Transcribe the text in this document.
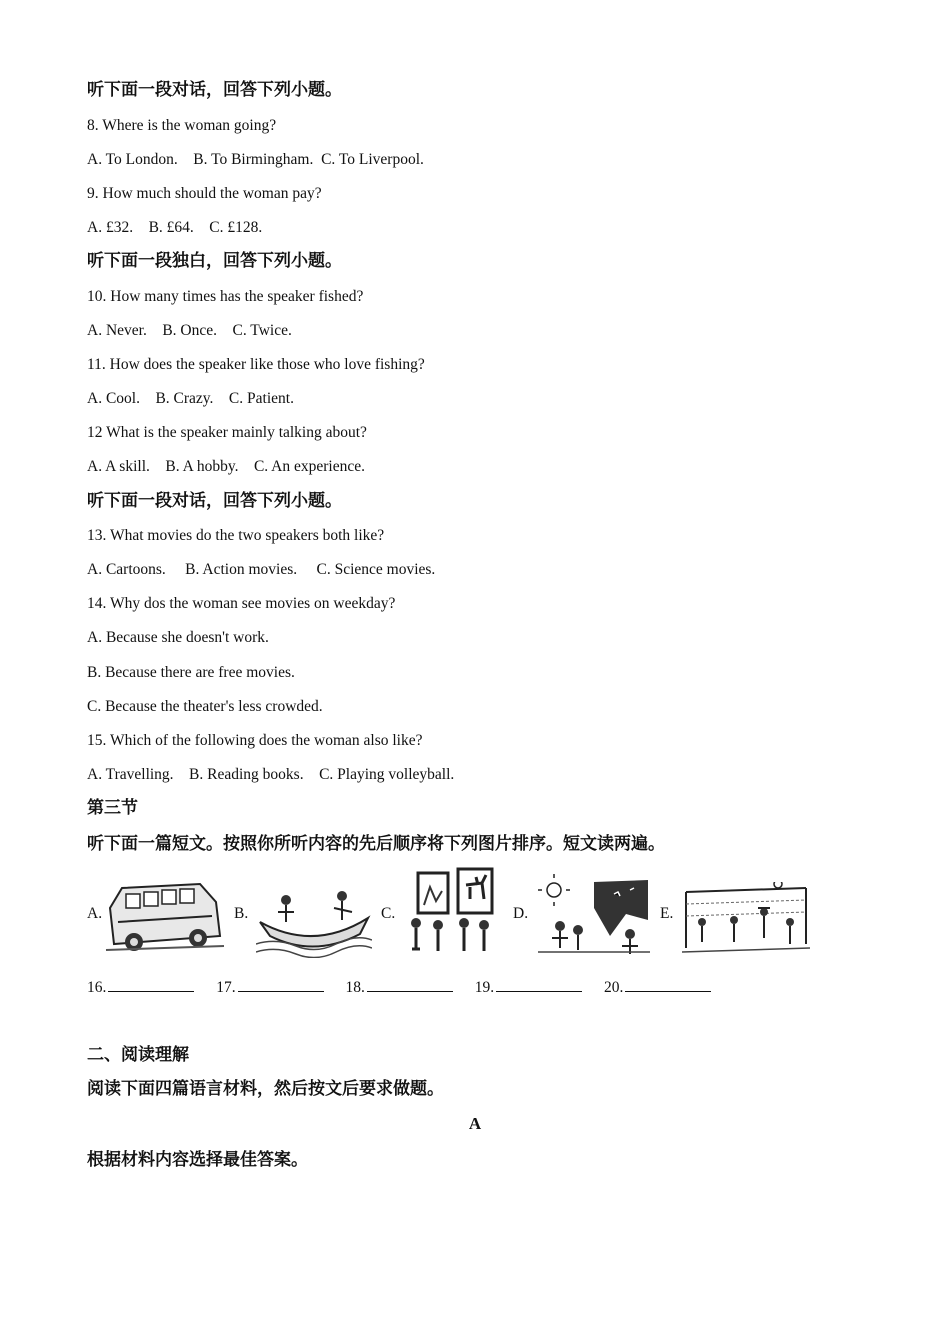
听下面一段对话，回答下列小题。
8. Where is the woman going?
A. To London.    B. To Birmingham.  C. To Liverpool.
9. How much should the woman pay?
A. £32.    B. £64.    C. £128.
听下面一段独白，回答下列小题。
10. How many times has the speaker fished?
A. Never.    B. Once.    C. Twice.
11. How does the speaker like those who love fishing?
A. Cool.    B. Crazy.    C. Patient.
12 What is the speaker mainly talking about?
A. A skill.    B. A hobby.    C. An experience.
听下面一段对话，回答下列小题。
13. What movies do the two speakers both like?
A. Cartoons.     B. Action movies.     C. Science movies.
14. Why dos the woman see movies on weekday?
A. Because she doesn't work.
B. Because there are free movies.
C. Because the theater's less crowded.
15. Which of the following does the woman also like?
A. Travelling.    B. Reading books.    C. Playing volleyball.
第三节
听下面一篇短文。按照你所听内容的先后顺序将下列图片排序。短文读两遍。
二、阅读理解
阅读下面四篇语言材料，然后按文后要求做题。
根据材料内容选择最佳答案。
A
A.	B.	C.	D.	E.
16.	17.	18.	19.	20.
